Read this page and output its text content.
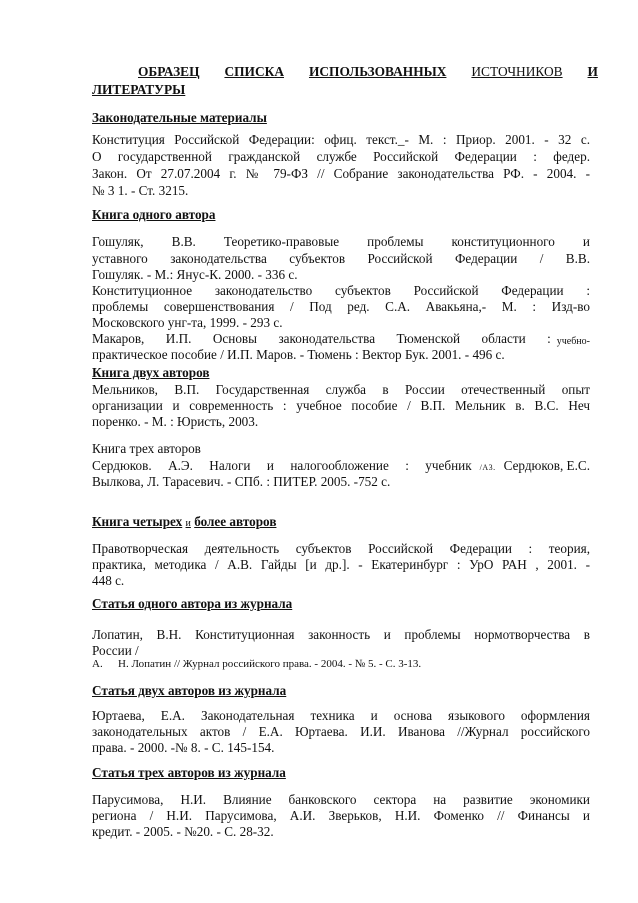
ОБРАЗЕЦ СПИСКА ИСПОЛЬЗОВАННЫХ ИСТОЧНИКОВ И
ЛИТЕРАТУРЫ
Законодательные материалы
Конституция Российской Федерации: офиц. текст._- М. : Приор. 2001. - 32 с.
О государственной гражданской службе Российской Федерации : федер.
Закон. От 27.07.2004 г. № 79-ФЗ // Собрание законодательства РФ. - 2004. -
№ 3 1. - Ст. 3215.
Книга одного автора
Гошуляк, В.В. Теоретико-правовые проблемы конституционного и
уставного законодательства субъектов Российской Федерации / В.В.
Гошуляк. - М.: Янус-К. 2000. - 336 с.
Конституционное законодательство субъектов Российской Федерации :
проблемы совершенствования / Под ред. С.А. Авакьяна,- М. : Изд-во
Московского унг-та, 1999. - 293 с.
Макаров, И.П. Основы законодательства Тюменской области : учебно-
практическое пособие / И.П. Маров. - Тюмень : Вектор Бук. 2001. - 496 с.
Книга двух авторов
Мельников, В.П. Государственная служба в России отечественный опыт
организации и современность : учебное пособие / В.П. Мельник в. В.С. Неч
пoренко. - М. : Юристь, 2003.
Книга трех авторов
Сердюков. А.Э. Налоги и налогообложение : учебник	/А3. Сердюков, Е.С.
Вылкова, Л. Тарасевич. - СПб. : ПИТЕР. 2005. -752 с.
Книга четырех и более авторов
Правотворческая деятельность субъектов Российской Федерации : теория,
практика, методика / А.В. Гайды [и др.]. - Екатеринбург : УрО РАН , 2001. -
448 с.
Статья одного автора из журнала
Лопатин, В.Н. Конституционная законность и проблемы нормотворчества в
России /
А. Н. Лопатин // Журнал российского права. - 2004. - № 5. - С. 3-13.
Статья двух авторов из журнала
Юртаева, Е.А. Законодательная техника и основа языкового оформления
законодательных актов / Е.А. Юртаева. И.И. Иванова //Журнал российского
права. - 2000. -№ 8. - С. 145-154.
Статья трех авторов из журнала
Парусимова, Н.И. Влияние банковского сектора на развитие экономики
региона / Н.И. Парусимова, А.И. Зверьков, Н.И. Фоменко // Финансы и
кредит. - 2005. - №20. - С. 28-32.
